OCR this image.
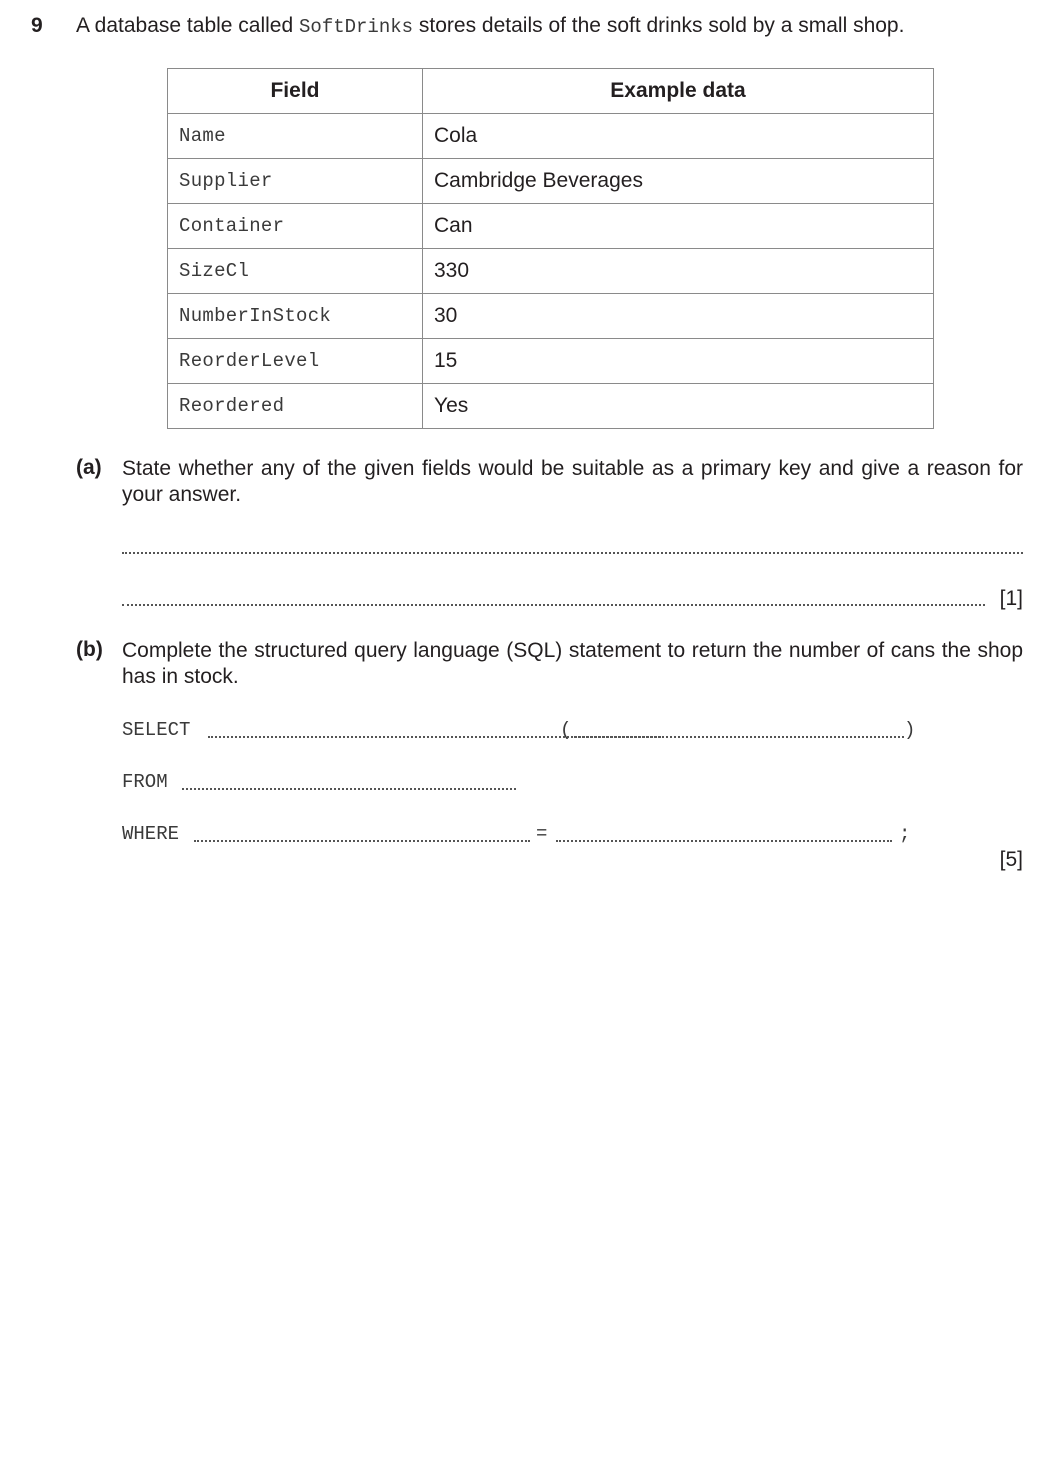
9 A database table called SoftDrinks stores details of the soft drinks sold by a small shop.
Field	Example data
Name	Cola
Supplier	Cambridge Beverages
Container	Can
SizeCl	330
NumberInStock	30
ReorderLevel	15
Reordered	Yes
(a) State whether any of the given fields would be suitable as a primary key and give a reason for your answer.
[1]
(b) Complete the structured query language (SQL) statement to return the number of cans the shop has in stock.
SELECT	(	)
FROM
WHERE	=	;
[5]
